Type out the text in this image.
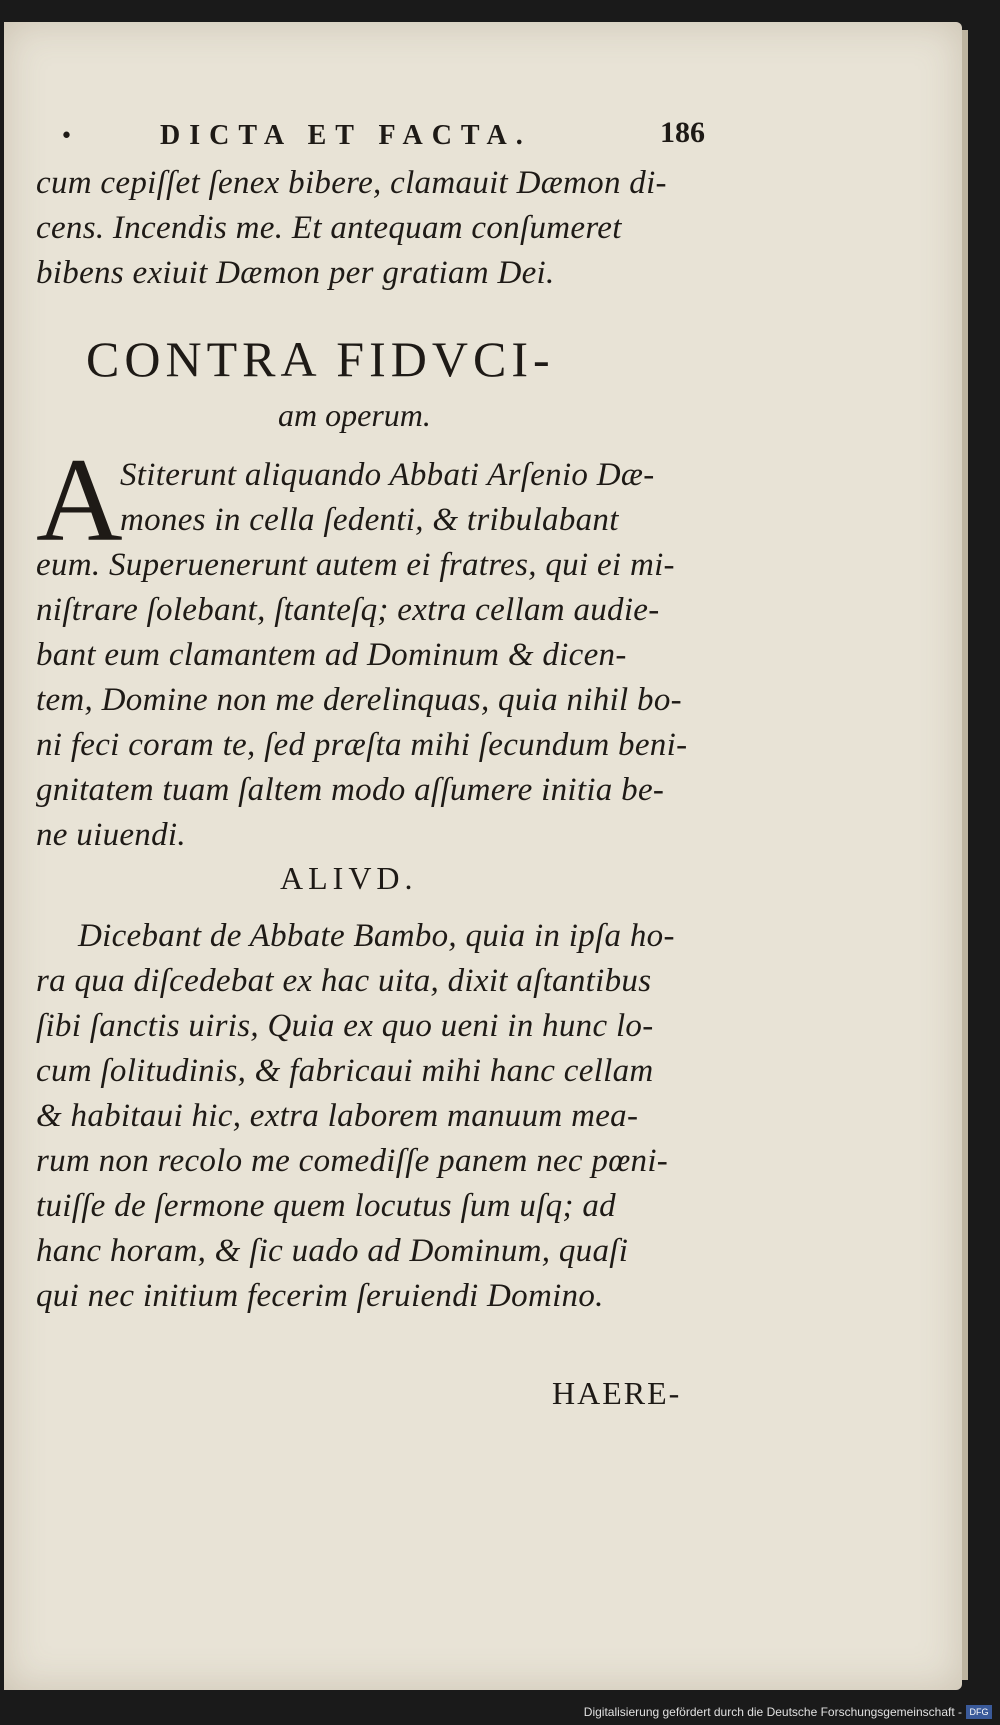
•	DICTA ET FACTA.	186
cum cepiſſet ſenex bibere, clamauit Dæmon di-
cens. Incendis me. Et antequam conſumeret
bibens exiuit Dæmon per gratiam Dei.
CONTRA FIDVCI-
am operum.
A
Stiterunt aliquando Abbati Arſenio Dæ-
mones in cella ſedenti, & tribulabant
eum. Superuenerunt autem ei fratres, qui ei mi-
niſtrare ſolebant, ſtanteſq; extra cellam audie-
bant eum clamantem ad Dominum & dicen-
tem, Domine non me derelinquas, quia nihil bo-
ni feci coram te, ſed præſta mihi ſecundum beni-
gnitatem tuam ſaltem modo aſſumere initia be-
ne uiuendi.
ALIVD.
Dicebant de Abbate Bambo, quia in ipſa ho-
ra qua diſcedebat ex hac uita, dixit aſtantibus
ſibi ſanctis uiris, Quia ex quo ueni in hunc lo-
cum ſolitudinis, & fabricaui mihi hanc cellam
& habitaui hic, extra laborem manuum mea-
rum non recolo me comediſſe panem nec pœni-
tuiſſe de ſermone quem locutus ſum uſq; ad
hanc horam, & ſic uado ad Dominum, quaſi
qui nec initium fecerim ſeruiendi Domino.
HAERE-
Digitalisierung gefördert durch die Deutsche Forschungsgemeinschaft - DFG
